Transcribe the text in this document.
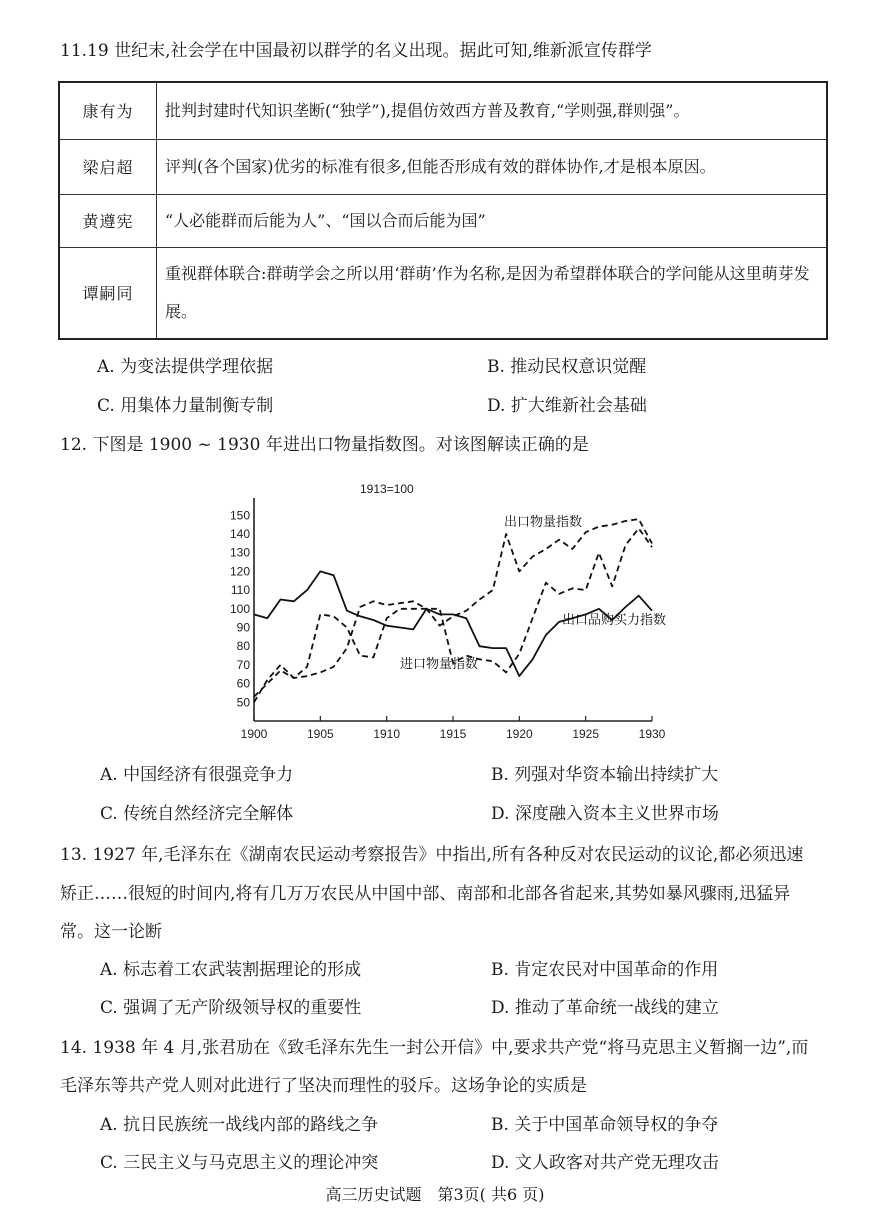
11.19 世纪末,社会学在中国最初以群学的名义出现。据此可知,维新派宣传群学
康有为	批判封建时代知识垄断(“独学”),提倡仿效西方普及教育,“学则强,群则强”。
梁启超	评判(各个国家)优劣的标准有很多,但能否形成有效的群体协作,才是根本原因。
黄遵宪	“人必能群而后能为人”、“国以合而后能为国”
谭嗣同	重视群体联合:群萌学会之所以用‘群萌’作为名称,是因为希望群体联合的学问能从这里萌芽发展。
A. 为变法提供学理依据	B. 推动民权意识觉醒
C. 用集体力量制衡专制	D. 扩大维新社会基础
12. 下图是 1900 ~ 1930 年进出口物量指数图。对该图解读正确的是
50
60
70
80
90
100
110
120
130
140
150
1900	1905	1910	1915	1920	1925	1930
1913=100
出口品购买力指数
出口物量指数
进口物量指数
A. 中国经济有很强竞争力	B. 列强对华资本输出持续扩大
C. 传统自然经济完全解体	D. 深度融入资本主义世界市场
13. 1927 年,毛泽东在《湖南农民运动考察报告》中指出,所有各种反对农民运动的议论,都必须迅速
矫正……很短的时间内,将有几万万农民从中国中部、南部和北部各省起来,其势如暴风骤雨,迅猛异
常。这一论断
A. 标志着工农武装割据理论的形成	B. 肯定农民对中国革命的作用
C. 强调了无产阶级领导权的重要性	D. 推动了革命统一战线的建立
14. 1938 年 4 月,张君劢在《致毛泽东先生一封公开信》中,要求共产党“将马克思主义暂搁一边”,而
毛泽东等共产党人则对此进行了坚决而理性的驳斥。这场争论的实质是
A. 抗日民族统一战线内部的路线之争	B. 关于中国革命领导权的争夺
C. 三民主义与马克思主义的理论冲突	D. 文人政客对共产党无理攻击
高三历史试题　第3页( 共6 页)
